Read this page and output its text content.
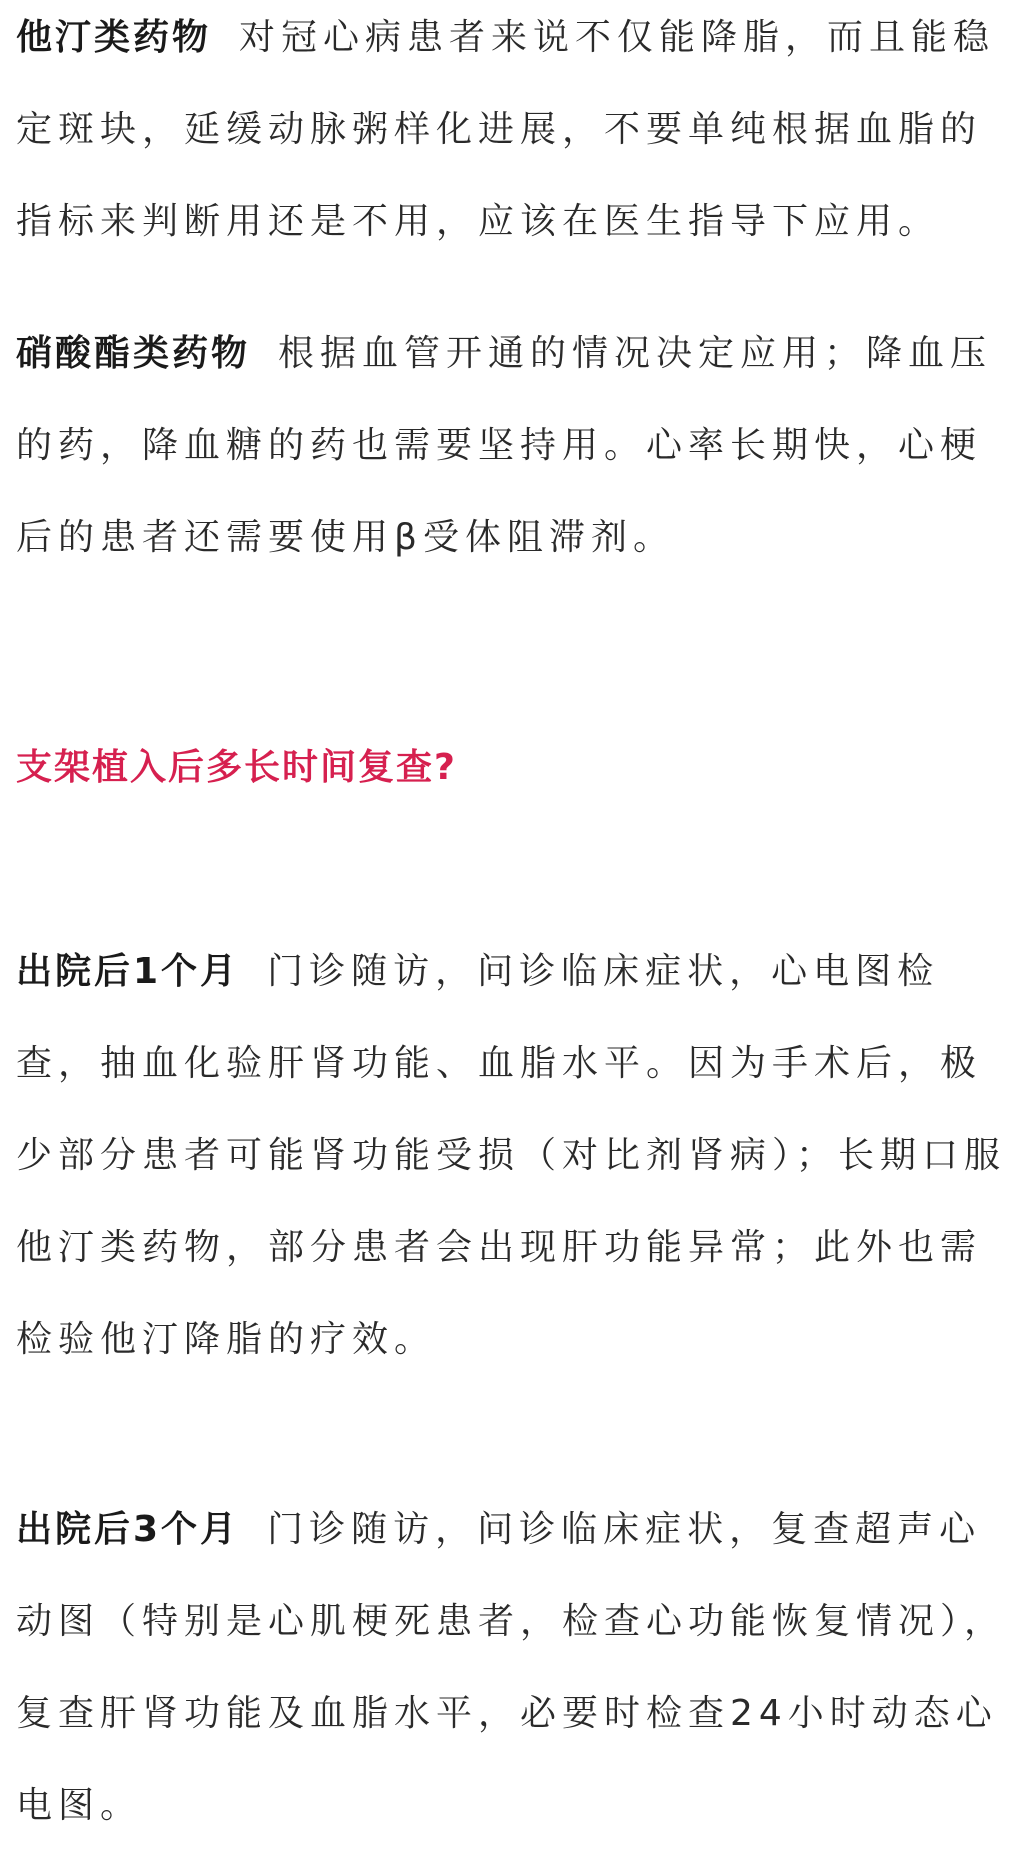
他汀类药物 对冠心病患者来说不仅能降脂，而且能稳定斑块，延缓动脉粥样化进展，不要单纯根据血脂的指标来判断用还是不用，应该在医生指导下应用。

硝酸酯类药物 根据血管开通的情况决定应用；降血压的药，降血糖的药也需要坚持用。心率长期快，心梗后的患者还需要使用β受体阻滞剂。

支架植入后多长时间复查?

出院后1个月 门诊随访，问诊临床症状，心电图检查，抽血化验肝肾功能、血脂水平。因为手术后，极少部分患者可能肾功能受损（对比剂肾病）；长期口服他汀类药物，部分患者会出现肝功能异常；此外也需检验他汀降脂的疗效。

出院后3个月 门诊随访，问诊临床症状，复查超声心动图（特别是心肌梗死患者，检查心功能恢复情况），复查肝肾功能及血脂水平，必要时检查24小时动态心电图。
